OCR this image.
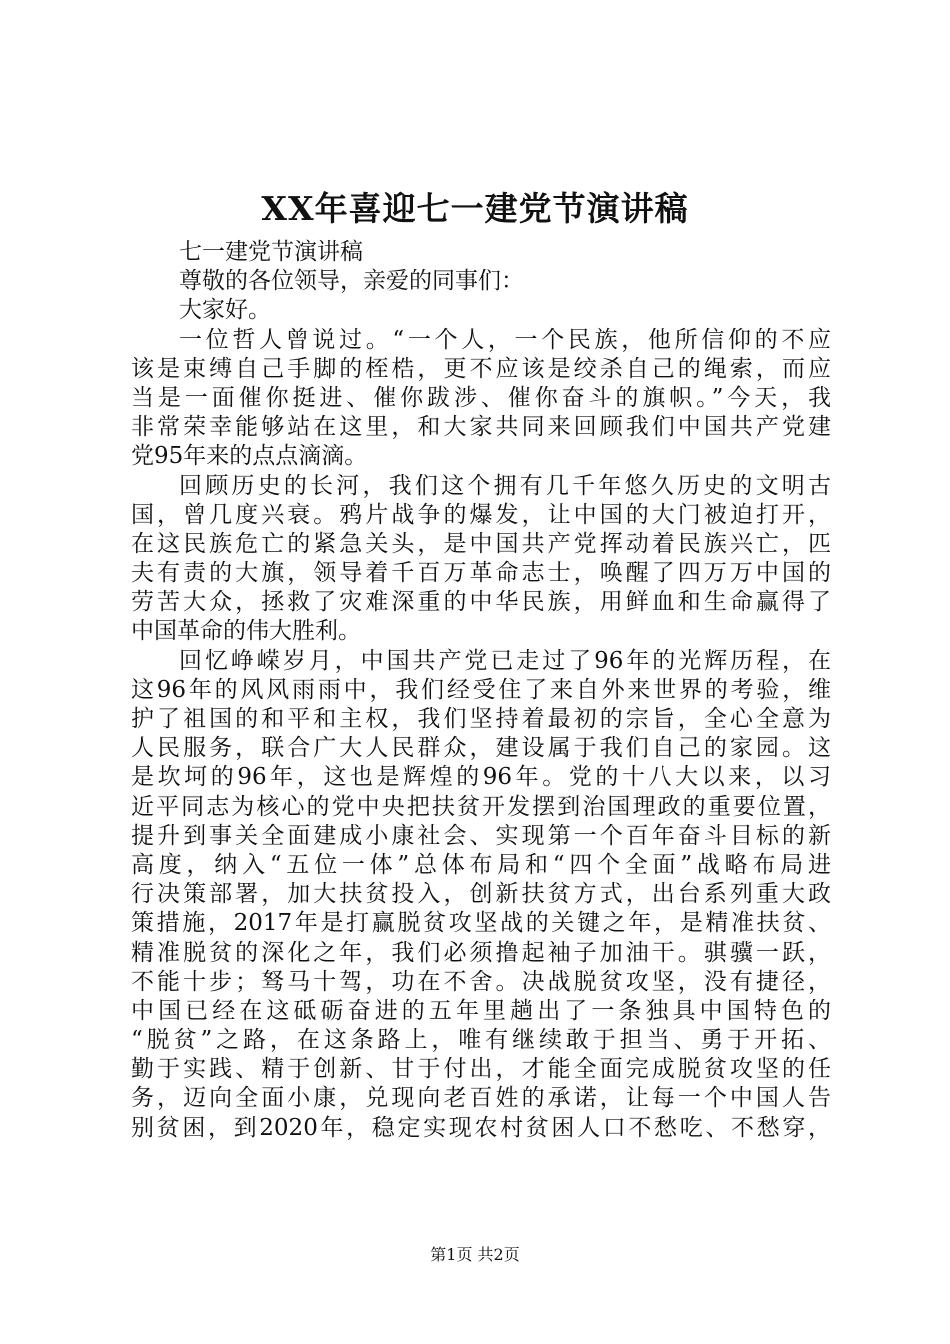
XX年喜迎七一建党节演讲稿
七一建党节演讲稿
尊敬的各位领导，亲爱的同事们：
大家好。
一位哲人曾说过。“一个人，一个民族，他所信仰的不应
该是束缚自己手脚的桎梏，更不应该是绞杀自己的绳索，而应
当是一面催你挺进、催你跋涉、催你奋斗的旗帜。”今天，我
非常荣幸能够站在这里，和大家共同来回顾我们中国共产党建
党95年来的点点滴滴。
回顾历史的长河，我们这个拥有几千年悠久历史的文明古
国，曾几度兴衰。鸦片战争的爆发，让中国的大门被迫打开，
在这民族危亡的紧急关头，是中国共产党挥动着民族兴亡，匹
夫有责的大旗，领导着千百万革命志士，唤醒了四万万中国的
劳苦大众，拯救了灾难深重的中华民族，用鲜血和生命赢得了
中国革命的伟大胜利。
回忆峥嵘岁月，中国共产党已走过了96年的光辉历程，在
这96年的风风雨雨中，我们经受住了来自外来世界的考验，维
护了祖国的和平和主权，我们坚持着最初的宗旨，全心全意为
人民服务，联合广大人民群众，建设属于我们自己的家园。这
是坎坷的96年，这也是辉煌的96年。党的十八大以来，以习
近平同志为核心的党中央把扶贫开发摆到治国理政的重要位置，
提升到事关全面建成小康社会、实现第一个百年奋斗目标的新
高度，纳入“五位一体”总体布局和“四个全面”战略布局进
行决策部署，加大扶贫投入，创新扶贫方式，出台系列重大政
策措施，2017年是打赢脱贫攻坚战的关键之年，是精准扶贫、
精准脱贫的深化之年，我们必须撸起袖子加油干。骐骥一跃，
不能十步；驽马十驾，功在不舍。决战脱贫攻坚，没有捷径，
中国已经在这砥砺奋进的五年里趟出了一条独具中国特色的
“脱贫”之路，在这条路上，唯有继续敢于担当、勇于开拓、
勤于实践、精于创新、甘于付出，才能全面完成脱贫攻坚的任
务，迈向全面小康，兑现向老百姓的承诺，让每一个中国人告
别贫困，到2020年，稳定实现农村贫困人口不愁吃、不愁穿，
第1页 共2页
